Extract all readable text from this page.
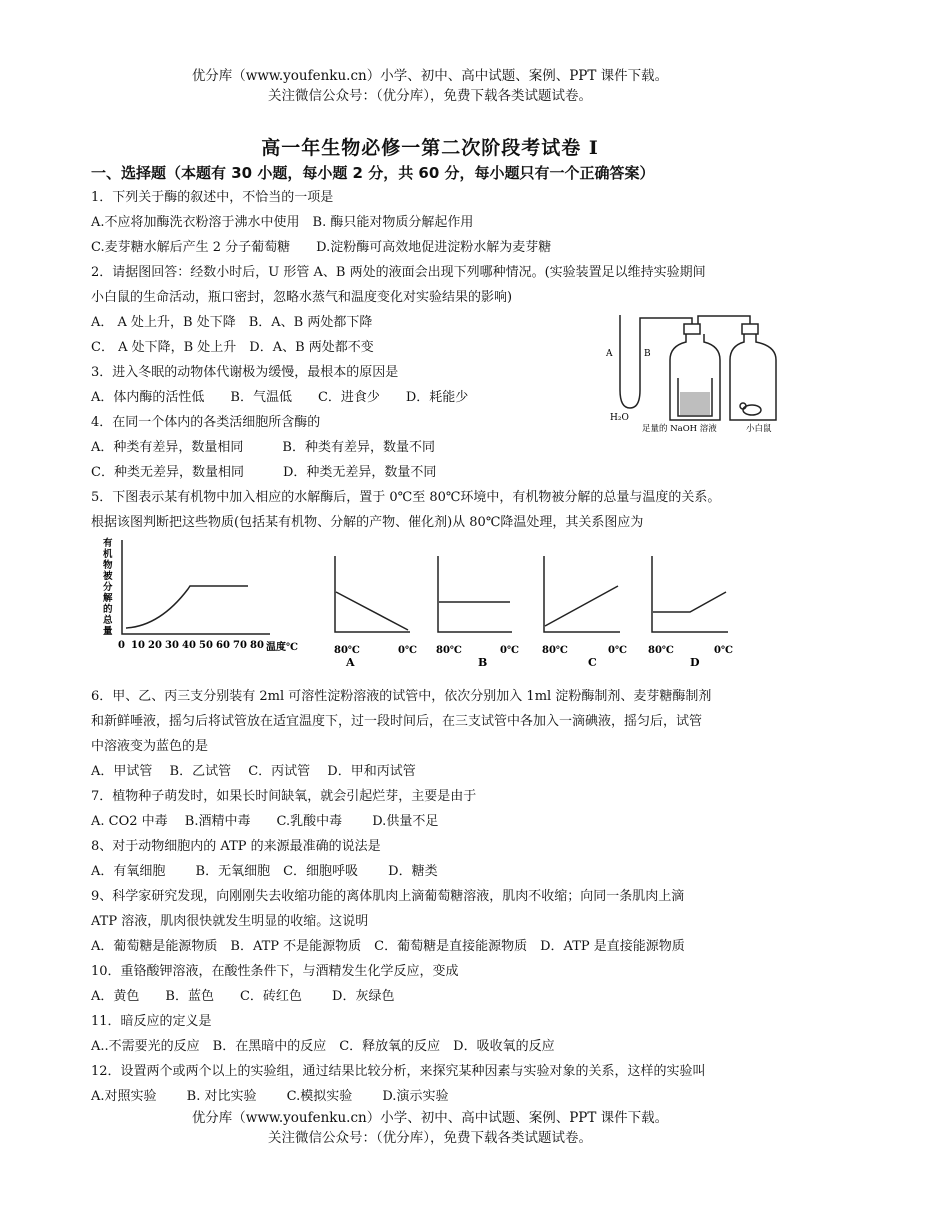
优分库（www.youfenku.cn）小学、初中、高中试题、案例、PPT 课件下载。
关注微信公众号：（优分库），免费下载各类试题试卷。
高一年生物必修一第二次阶段考试卷 I
一、选择题（本题有 30 小题，每小题 2 分，共 60 分，每小题只有一个正确答案）
1．下列关于酶的叙述中，不恰当的一项是
A.不应将加酶洗衣粉溶于沸水中使用　B. 酶只能对物质分解起作用
C.麦芽糖水解后产生 2 分子葡萄糖　　D.淀粉酶可高效地促进淀粉水解为麦芽糖
2．请据图回答：经数小时后，U 形管 A、B 两处的液面会出现下列哪种情况。(实验装置足以维持实验期间
小白鼠的生命活动，瓶口密封，忽略水蒸气和温度变化对实验结果的影响)
A． A 处上升，B 处下降　B．A、B 两处都下降
C． A 处下降，B 处上升　D．A、B 两处都不变
3．进入冬眠的动物体代谢极为缓慢，最根本的原因是
A．体内酶的活性低　　B．气温低　　C．进食少　　D．耗能少
4．在同一个体内的各类活细胞所含酶的
A．种类有差异，数量相同　　　B．种类有差异，数量不同
C．种类无差异，数量相同　　　D．种类无差异，数量不同
5．下图表示某有机物中加入相应的水解酶后，置于 0℃至 80℃环境中，有机物被分解的总量与温度的关系。
根据该图判断把这些物质(包括某有机物、分解的产物、催化剂)从 80℃降温处理，其关系图应为
6．甲、乙、丙三支分别装有 2ml 可溶性淀粉溶液的试管中，依次分别加入 1ml 淀粉酶制剂、麦芽糖酶制剂
和新鲜唾液，摇匀后将试管放在适宜温度下，过一段时间后，在三支试管中各加入一滴碘液，摇匀后，试管
中溶液变为蓝色的是
A．甲试管　 B．乙试管　 C．丙试管　 D．甲和丙试管
7．植物种子萌发时，如果长时间缺氧，就会引起烂芽，主要是由于
A. CO2 中毒　 B.酒精中毒　　C.乳酸中毒　　 D.供量不足
8、对于动物细胞内的 ATP 的来源最准确的说法是
A．有氧细胞　　 B．无氧细胞　C．细胞呼吸　　 D．糖类
9、科学家研究发现，向刚刚失去收缩功能的离体肌肉上滴葡萄糖溶液，肌肉不收缩；向同一条肌肉上滴
ATP 溶液，肌肉很快就发生明显的收缩。这说明
A．葡萄糖是能源物质　B．ATP 不是能源物质　C．葡萄糖是直接能源物质　D．ATP 是直接能源物质
10．重铬酸钾溶液，在酸性条件下，与酒精发生化学反应，变成
A．黄色　　B．蓝色　　C．砖红色　　 D．灰绿色
11．暗反应的定义是
A..不需要光的反应　B．在黑暗中的反应　C．释放氧的反应　D．吸收氧的反应
12．设置两个或两个以上的实验组，通过结果比较分析，来探究某种因素与实验对象的关系，这样的实验叫
A.对照实验　　 B. 对比实验　　 C.模拟实验　　 D.演示实验
A	B
H₂O
足量的 NaOH 溶液	小白鼠
有
机
物
被
分
解
的
总
量
0 10 20 30 40 50 60 70 80 温度℃	80℃	0℃
A
80℃	0℃
B
80℃	0℃
C
80℃	0℃
D
优分库（www.youfenku.cn）小学、初中、高中试题、案例、PPT 课件下载。
关注微信公众号：（优分库），免费下载各类试题试卷。
